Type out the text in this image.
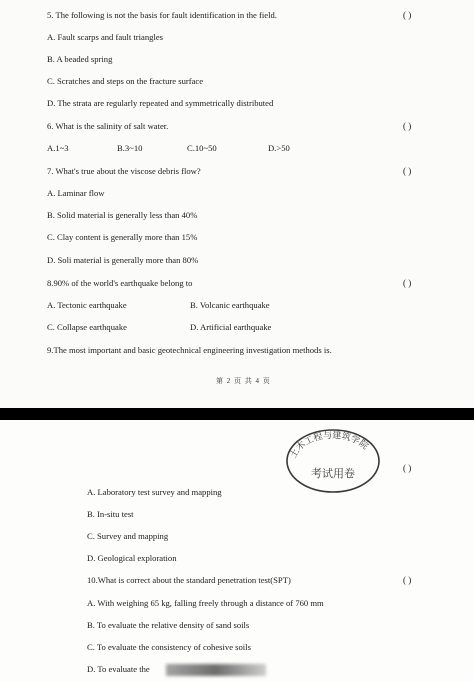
5. The following is not the basis for fault identification in the field.	( )
A. Fault scarps and fault triangles
B. A beaded spring
C. Scratches and steps on the fracture surface
D. The strata are regularly repeated and symmetrically distributed
6. What is the salinity of salt water.	( )
A.1~3	B.3~10	C.10~50	D.>50
7. What's true about the viscose debris flow?	( )
A. Laminar flow
B. Solid material is generally less than 40%
C. Clay content is generally more than 15%
D. Soli material is generally more than 80%
8.90% of the world's earthquake belong to	( )
A. Tectonic earthquake	B. Volcanic earthquake
C. Collapse earthquake	D. Artificial earthquake
9.The most important and basic geotechnical engineering investigation methods is.
第 2 页 共 4 页
土木工程与建筑学院
考试用卷	( )
A. Laboratory test survey and mapping
B. In-situ test
C. Survey and mapping
D. Geological exploration
10.What is correct about the standard penetration test(SPT)	( )
A. With weighing 65 kg, falling freely through a distance of 760 mm
B. To evaluate the relative density of sand soils
C. To evaluate the consistency of cohesive soils
D. To evaluate the
